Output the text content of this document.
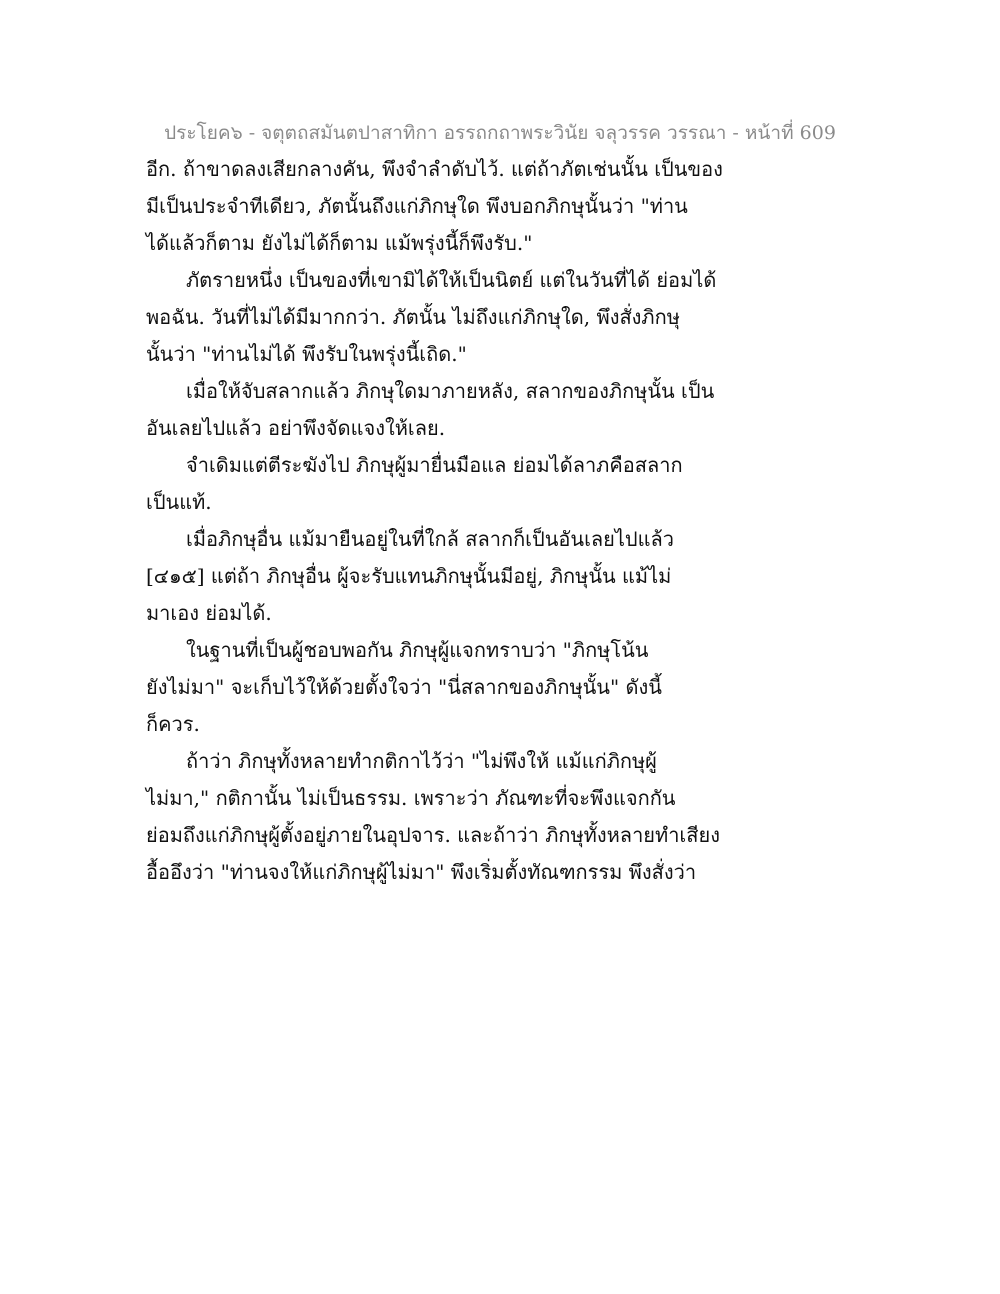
ประโยค๖ - จตุตถสมันตปาสาทิกา อรรถกถาพระวินัย จลุวรรค วรรณา - หน้าที่ 609
อีก. ถ้าขาดลงเสียกลางคัน, พึงจำลำดับไว้. แต่ถ้าภัตเช่นนั้น เป็นของ
มีเป็นประจำทีเดียว, ภัตนั้นถึงแก่ภิกษุใด พึงบอกภิกษุนั้นว่า "ท่าน
ได้แล้วก็ตาม ยังไม่ได้ก็ตาม แม้พรุ่งนี้ก็พึงรับ."
ภัตรายหนึ่ง เป็นของที่เขามิได้ให้เป็นนิตย์ แต่ในวันที่ได้ ย่อมได้
พอฉัน. วันที่ไม่ได้มีมากกว่า. ภัตนั้น ไม่ถึงแก่ภิกษุใด, พึงสั่งภิกษุ
นั้นว่า "ท่านไม่ได้ พึงรับในพรุ่งนี้เถิด."
เมื่อให้จับสลากแล้ว ภิกษุใดมาภายหลัง, สลากของภิกษุนั้น เป็น
อันเลยไปแล้ว อย่าพึงจัดแจงให้เลย.
จำเดิมแต่ตีระฆังไป ภิกษุผู้มายื่นมือแล ย่อมได้ลาภคือสลาก
เป็นแท้.
เมื่อภิกษุอื่น แม้มายืนอยู่ในที่ใกล้ สลากก็เป็นอันเลยไปแล้ว
[๔๑๕] แต่ถ้า ภิกษุอื่น ผู้จะรับแทนภิกษุนั้นมีอยู่, ภิกษุนั้น แม้ไม่
มาเอง ย่อมได้.
ในฐานที่เป็นผู้ชอบพอกัน ภิกษุผู้แจกทราบว่า "ภิกษุโน้น
ยังไม่มา" จะเก็บไว้ให้ด้วยตั้งใจว่า "นี่สลากของภิกษุนั้น" ดังนี้
ก็ควร.
ถ้าว่า ภิกษุทั้งหลายทำกติกาไว้ว่า "ไม่พึงให้ แม้แก่ภิกษุผู้
ไม่มา," กติกานั้น ไม่เป็นธรรม. เพราะว่า ภัณฑะที่จะพึงแจกกัน
ย่อมถึงแก่ภิกษุผู้ตั้งอยู่ภายในอุปจาร. และถ้าว่า ภิกษุทั้งหลายทำเสียง
อื้ออึงว่า "ท่านจงให้แก่ภิกษุผู้ไม่มา" พึงเริ่มตั้งทัณฑกรรม พึงสั่งว่า
